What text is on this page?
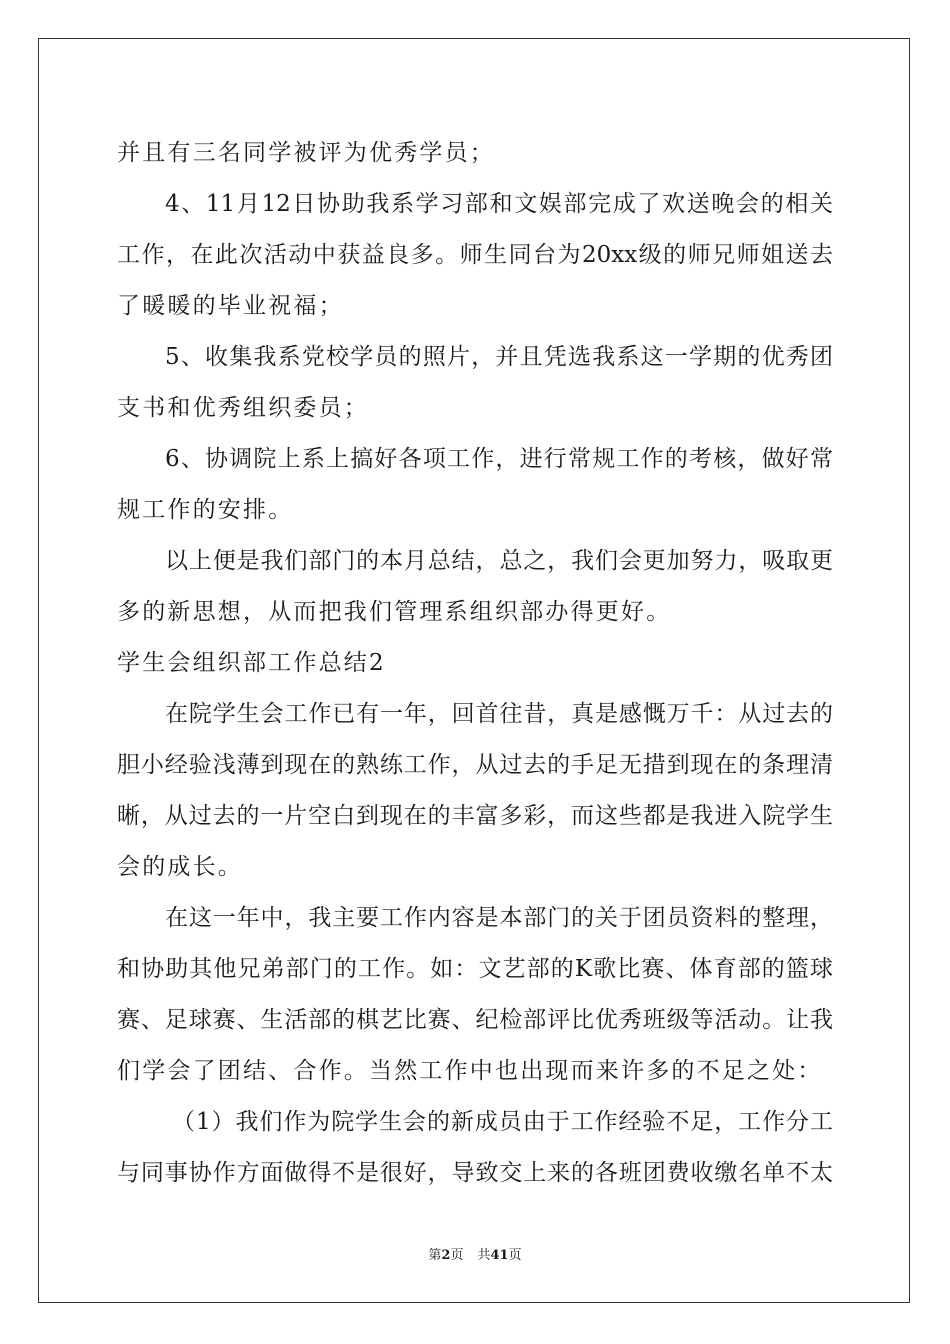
并且有三名同学被评为优秀学员；
4、11月12日协助我系学习部和文娱部完成了欢送晚会的相关
工作，在此次活动中获益良多。师生同台为20xx级的师兄师姐送去
了暖暖的毕业祝福；
5、收集我系党校学员的照片，并且凭选我系这一学期的优秀团
支书和优秀组织委员；
6、协调院上系上搞好各项工作，进行常规工作的考核，做好常
规工作的安排。
以上便是我们部门的本月总结，总之，我们会更加努力，吸取更
多的新思想，从而把我们管理系组织部办得更好。
学生会组织部工作总结2
在院学生会工作已有一年，回首往昔，真是感慨万千：从过去的
胆小经验浅薄到现在的熟练工作，从过去的手足无措到现在的条理清
晰，从过去的一片空白到现在的丰富多彩，而这些都是我进入院学生
会的成长。
在这一年中，我主要工作内容是本部门的关于团员资料的整理，
和协助其他兄弟部门的工作。如：文艺部的K歌比赛、体育部的篮球
赛、足球赛、生活部的棋艺比赛、纪检部评比优秀班级等活动。让我
们学会了团结、合作。当然工作中也出现而来许多的不足之处：
（1）我们作为院学生会的新成员由于工作经验不足，工作分工
与同事协作方面做得不是很好，导致交上来的各班团费收缴名单不太
第2页 共41页
